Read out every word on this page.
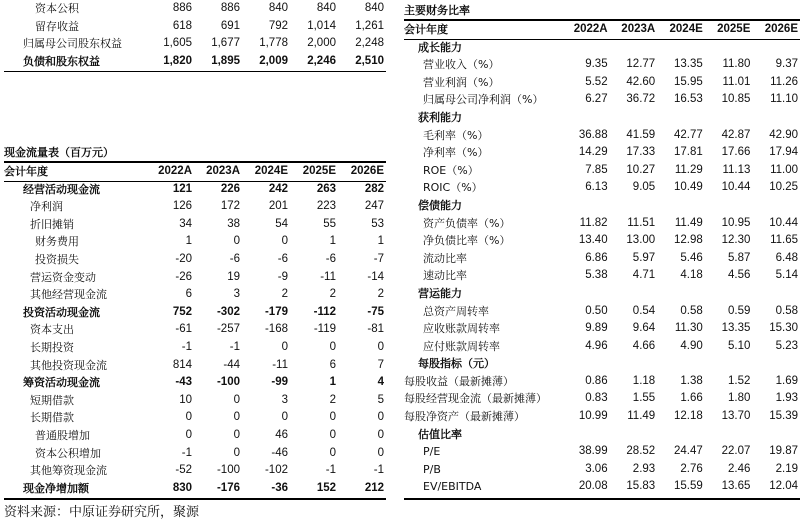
资本公积	886	886	840	840	840
留存收益	618	691	792	1,014	1,261
归属母公司股东权益	1,605	1,677	1,778	2,000	2,248
负债和股东权益	1,820	1,895	2,009	2,246	2,510
现金流量表（百万元）
会计年度	2022A	2023A	2024E	2025E	2026E
经营活动现金流	121	226	242	263	282
净利润	126	172	201	223	247
折旧摊销	34	38	54	55	53
财务费用	1	0	0	1	1
投资损失	-20	-6	-6	-6	-7
营运资金变动	-26	19	-9	-11	-14
其他经营现金流	6	3	2	2	2
投资活动现金流	752	-302	-179	-112	-75
资本支出	-61	-257	-168	-119	-81
长期投资	-1	-1	0	0	0
其他投资现金流	814	-44	-11	6	7
筹资活动现金流	-43	-100	-99	1	4
短期借款	10	0	3	2	5
长期借款	0	0	0	0	0
普通股增加	0	0	46	0	0
资本公积增加	-1	0	-46	0	0
其他筹资现金流	-52	-100	-102	-1	-1
现金净增加额	830	-176	-36	152	212
主要财务比率
会计年度	2022A	2023A	2024E	2025E	2026E
成长能力					
营业收入（%）	9.35	12.77	13.35	11.80	9.37
营业利润（%）	5.52	42.60	15.95	11.01	11.26
归属母公司净利润（%）	6.27	36.72	16.53	10.85	11.10
获利能力					
毛利率（%）	36.88	41.59	42.77	42.87	42.90
净利率（%）	14.29	17.33	17.81	17.66	17.94
ROE（%）	7.85	10.27	11.29	11.13	11.00
ROIC（%）	6.13	9.05	10.49	10.44	10.25
偿债能力					
资产负债率（%）	11.82	11.51	11.49	10.95	10.44
净负债比率（%）	13.40	13.00	12.98	12.30	11.65
流动比率	6.86	5.97	5.46	5.87	6.48
速动比率	5.38	4.71	4.18	4.56	5.14
营运能力					
总资产周转率	0.50	0.54	0.58	0.59	0.58
应收账款周转率	9.89	9.64	11.30	13.35	15.30
应付账款周转率	4.96	4.66	4.90	5.10	5.23
每股指标（元）					
每股收益（最新摊薄）	0.86	1.18	1.38	1.52	1.69
每股经营现金流（最新摊薄）	0.83	1.55	1.66	1.80	1.93
每股净资产（最新摊薄）	10.99	11.49	12.18	13.70	15.39
估值比率					
P/E	38.99	28.52	24.47	22.07	19.87
P/B	3.06	2.93	2.76	2.46	2.19
EV/EBITDA	20.08	15.83	15.59	13.65	12.04
资料来源：中原证券研究所，聚源
